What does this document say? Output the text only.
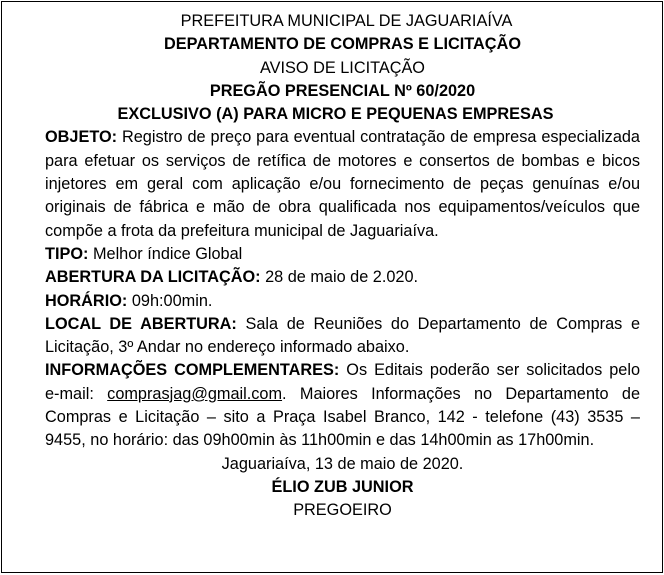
PREFEITURA MUNICIPAL DE JAGUARIAÍVA
DEPARTAMENTO DE COMPRAS E LICITAÇÃO
AVISO DE LICITAÇÃO
PREGÃO PRESENCIAL Nº 60/2020
EXCLUSIVO (A) PARA MICRO E PEQUENAS EMPRESAS
OBJETO: Registro de preço para eventual contratação de empresa especializada para efetuar os serviços de retífica de motores e consertos de bombas e bicos injetores em geral com aplicação e/ou fornecimento de peças genuínas e/ou originais de fábrica e mão de obra qualificada nos equipamentos/veículos que compõe a frota da prefeitura municipal de Jaguariaíva.
TIPO: Melhor índice Global
ABERTURA DA LICITAÇÃO: 28 de maio de 2.020.
HORÁRIO: 09h:00min.
LOCAL DE ABERTURA: Sala de Reuniões do Departamento de Compras e Licitação, 3º Andar no endereço informado abaixo.
INFORMAÇÕES COMPLEMENTARES: Os Editais poderão ser solicitados pelo e-mail: comprasjag@gmail.com. Maiores Informações no Departamento de Compras e Licitação – sito a Praça Isabel Branco, 142 - telefone (43) 3535 – 9455, no horário: das 09h00min às 11h00min e das 14h00min as 17h00min.
Jaguariaíva, 13 de maio de 2020.
ÉLIO ZUB JUNIOR
PREGOEIRO
